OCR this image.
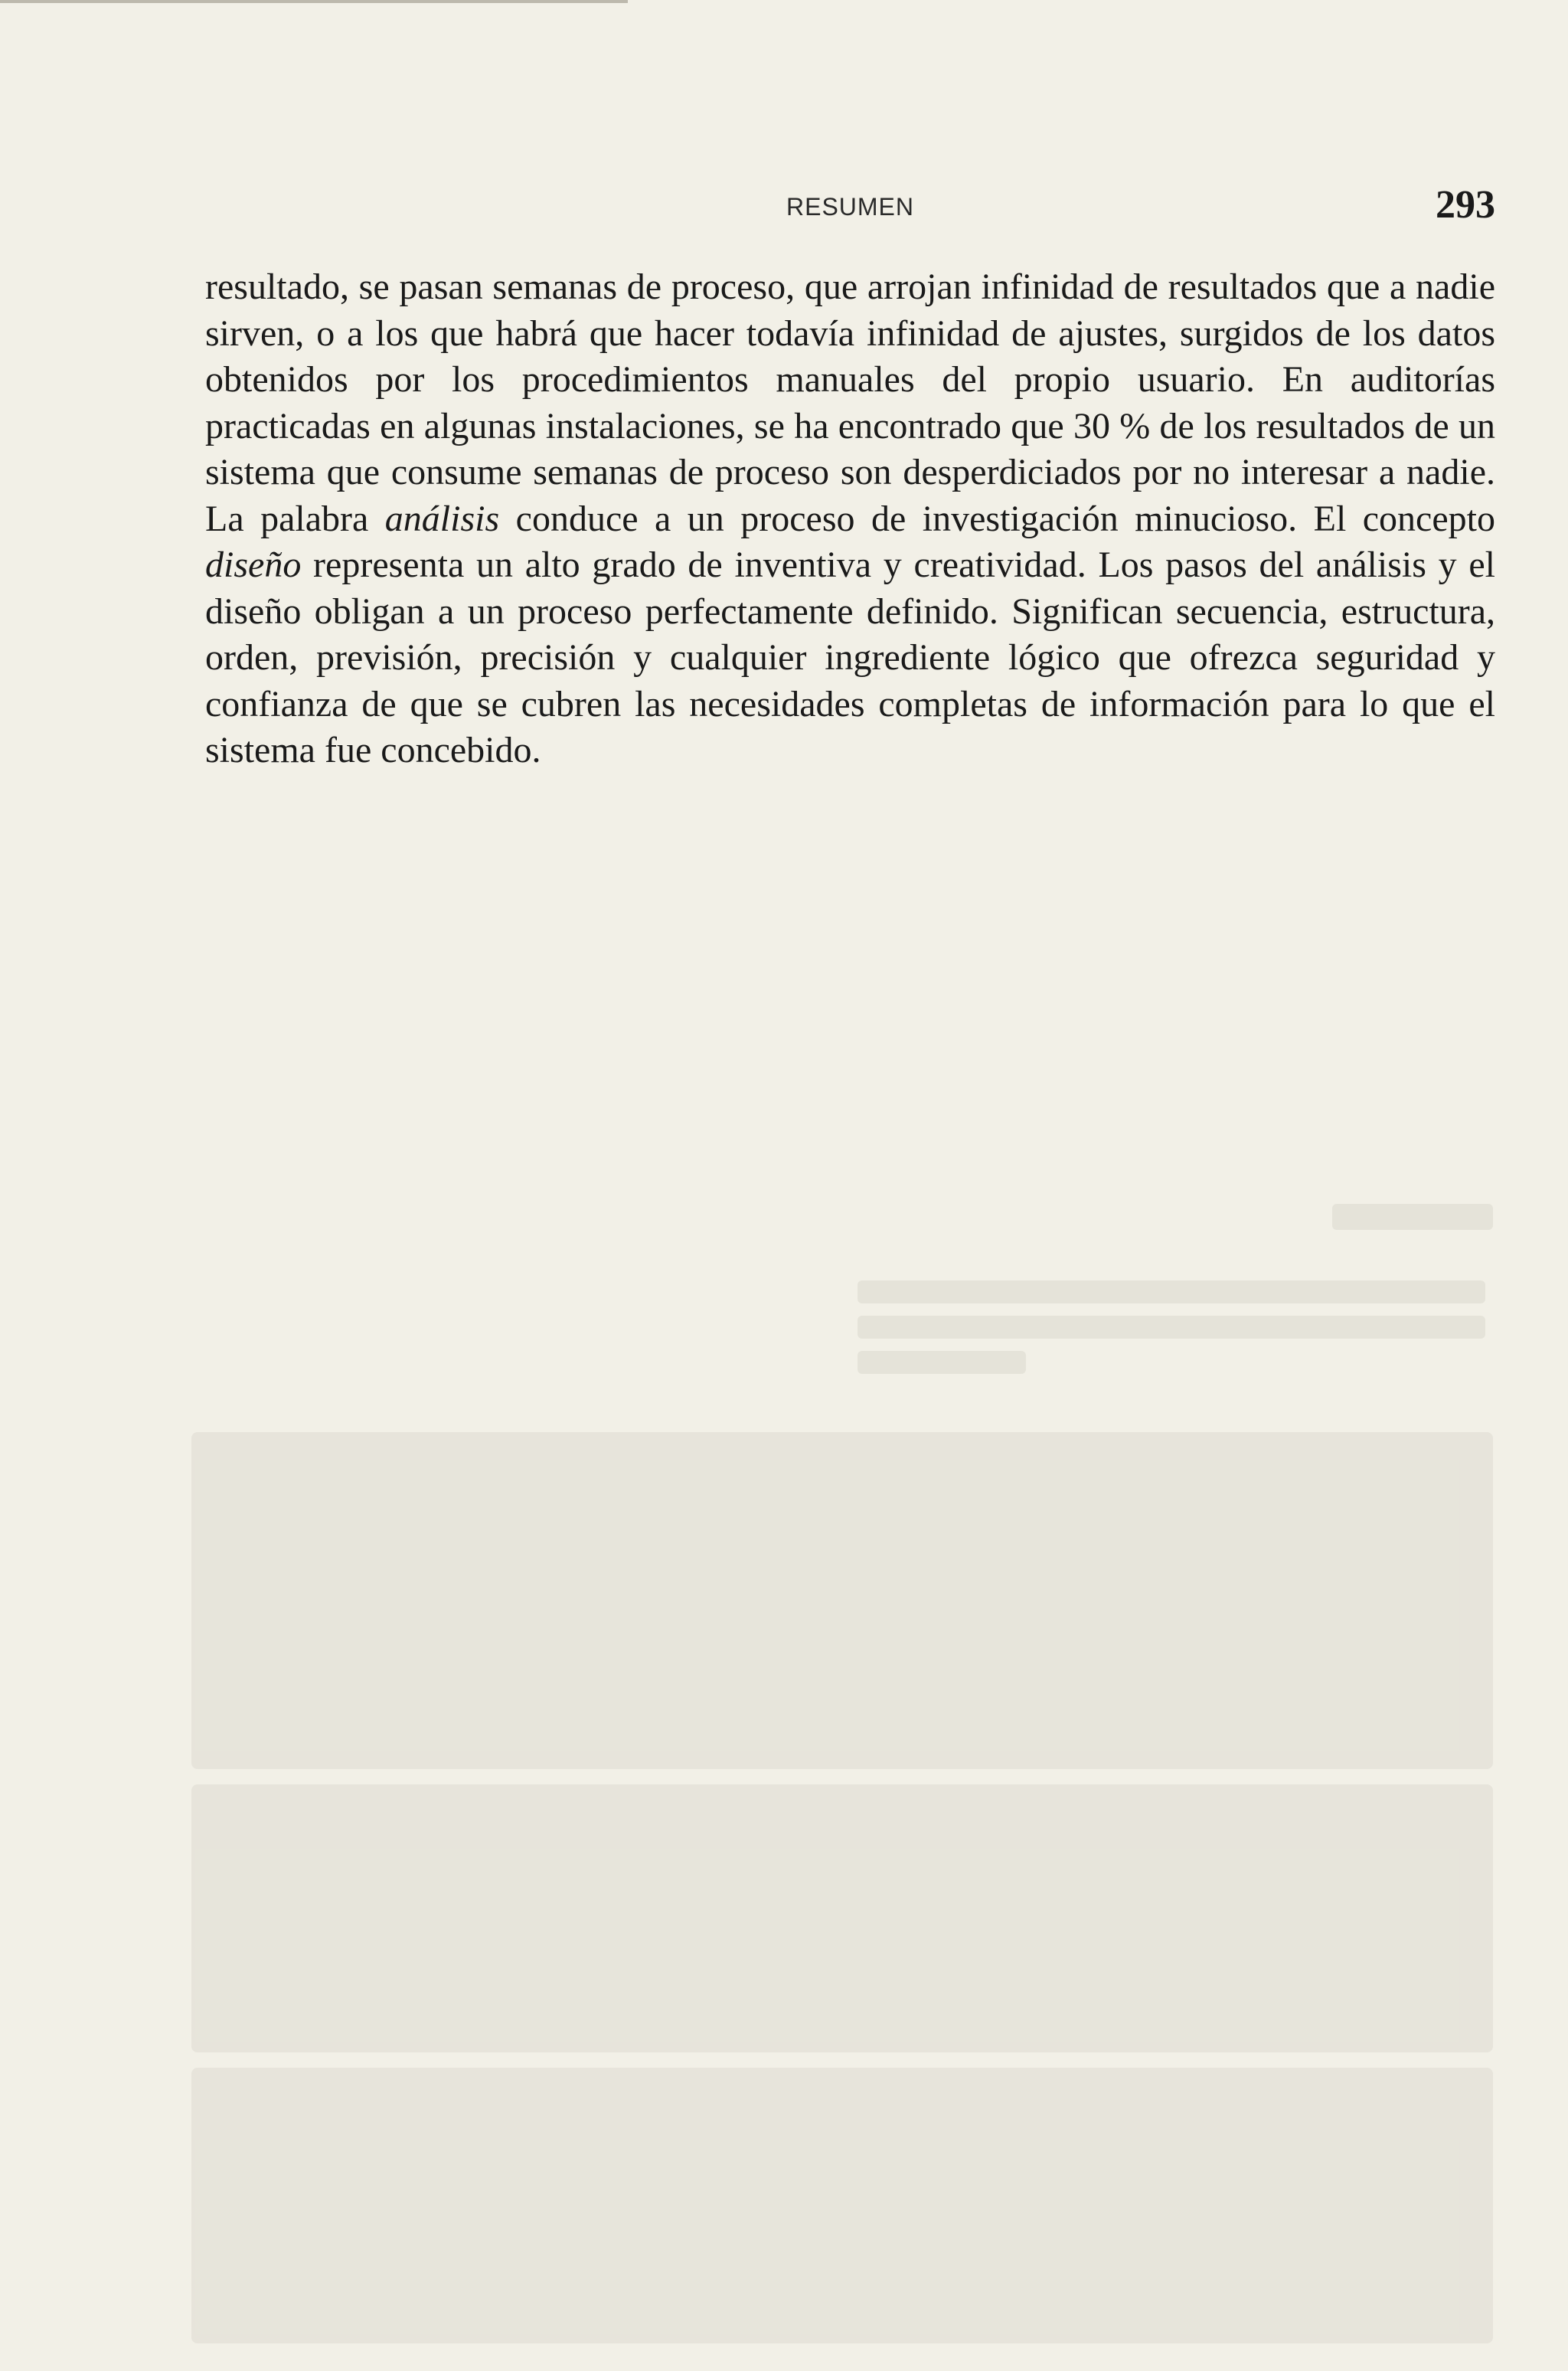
RESUMEN	293

resultado, se pasan semanas de proceso, que arrojan infinidad de resultados que a nadie sirven, o a los que habrá que hacer todavía infinidad de ajustes, surgidos de los datos obtenidos por los procedimientos manuales del propio usuario. En auditorías practicadas en algunas instalaciones, se ha encontrado que 30 % de los resultados de un sistema que consume semanas de proceso son desperdiciados por no interesar a nadie. La palabra análisis conduce a un proceso de investigación minucioso. El concepto diseño representa un alto grado de inventiva y creatividad. Los pasos del análisis y el diseño obligan a un proceso perfectamente definido. Significan secuencia, estructura, orden, previsión, precisión y cualquier ingrediente lógico que ofrezca seguridad y confianza de que se cubren las necesidades completas de información para lo que el sistema fue concebido.
